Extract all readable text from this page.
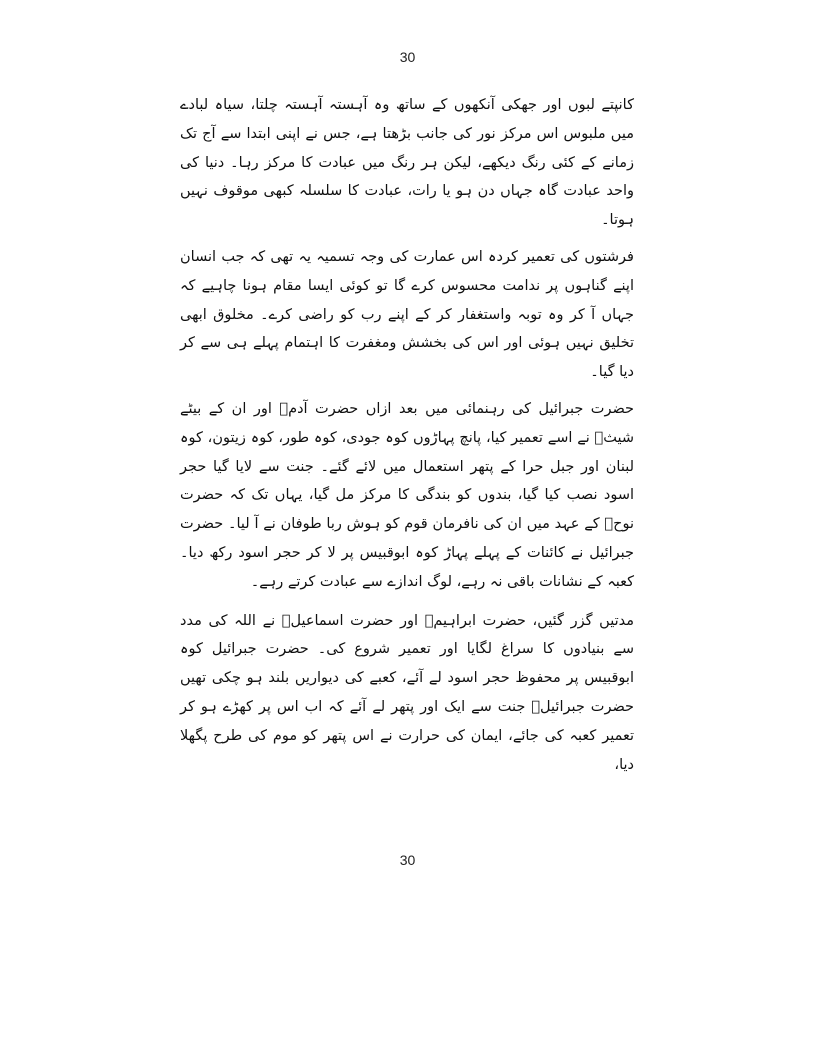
30

کانپتے لبوں اور جھکی آنکھوں کے ساتھ وہ آہستہ آہستہ چلتا، سیاہ لبادے میں ملبوس اس مرکز نور کی جانب بڑھتا ہے، جس نے اپنی ابتدا سے آج تک زمانے کے کئی رنگ دیکھے، لیکن ہر رنگ میں عبادت کا مرکز رہا۔ دنیا کی واحد عبادت گاہ جہاں دن ہو یا رات، عبادت کا سلسلہ کبھی موقوف نہیں ہوتا۔

فرشتوں کی تعمیر کردہ اس عمارت کی وجہ تسمیہ یہ تھی کہ جب انسان اپنے گناہوں پر ندامت محسوس کرے گا تو کوئی ایسا مقام ہونا چاہیے کہ جہاں آ کر وہ توبہ واستغفار کر کے اپنے رب کو راضی کرے۔ مخلوق ابھی تخلیق نہیں ہوئی اور اس کی بخشش ومغفرت کا اہتمام پہلے ہی سے کر دیا گیا۔

حضرت جبرائیل کی رہنمائی میں بعد ازاں حضرت آدمؑ اور ان کے بیٹے شیثؑ نے اسے تعمیر کیا، پانچ پہاڑوں کوہ جودی، کوہ طور، کوہ زیتون، کوہ لبنان اور جبل حرا کے پتھر استعمال میں لائے گئے۔ جنت سے لایا گیا حجر اسود نصب کیا گیا، بندوں کو بندگی کا مرکز مل گیا، یہاں تک کہ حضرت نوحؑ کے عہد میں ان کی نافرمان قوم کو ہوش ربا طوفان نے آ لیا۔ حضرت جبرائیل نے کائنات کے پہلے پہاڑ کوہ ابوقبیس پر لا کر حجر اسود رکھ دیا۔ کعبہ کے نشانات باقی نہ رہے، لوگ اندازے سے عبادت کرتے رہے۔

مدتیں گزر گئیں، حضرت ابراہیمؑ اور حضرت اسماعیلؑ نے اللہ کی مدد سے بنیادوں کا سراغ لگایا اور تعمیر شروع کی۔ حضرت جبرائیل کوہ ابوقبیس پر محفوظ حجر اسود لے آئے، کعبے کی دیواریں بلند ہو چکی تھیں حضرت جبرائیلؑ جنت سے ایک اور پتھر لے آئے کہ اب اس پر کھڑے ہو کر تعمیر کعبہ کی جائے، ایمان کی حرارت نے اس پتھر کو موم کی طرح پگھلا دیا،

30
